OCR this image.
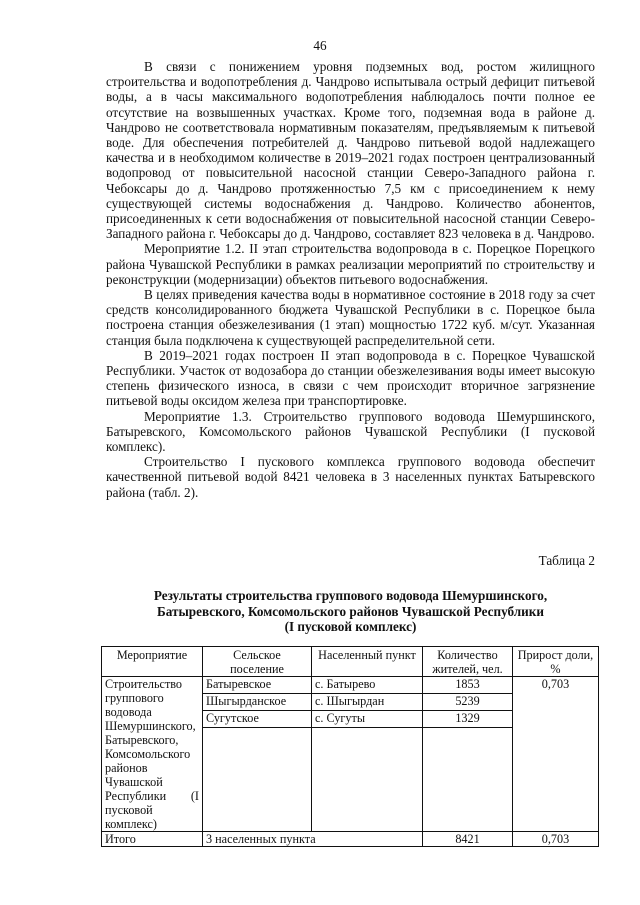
46

В связи с понижением уровня подземных вод, ростом жилищного строительства и водопотребления д. Чандрово испытывала острый дефицит питьевой воды, а в часы максимального водопотребления наблюдалось почти полное ее отсутствие на возвышенных участках. Кроме того, подземная вода в районе д. Чандрово не соответствовала нормативным показателям, предъявляемым к питьевой воде. Для обеспечения потребителей д. Чандрово питьевой водой надлежащего качества и в необходимом количестве в 2019–2021 годах построен централизованный водопровод от повысительной насосной станции Северо-Западного района г. Чебоксары до д. Чандрово протяженностью 7,5 км с присоединением к нему существующей системы водоснабжения д. Чандрово. Количество абонентов, присоединенных к сети водоснабжения от повысительной насосной станции Северо-Западного района г. Чебоксары до д. Чандрово, составляет 823 человека в д. Чандрово.

Мероприятие 1.2. II этап строительства водопровода в с. Порецкое Порецкого района Чувашской Республики в рамках реализации мероприятий по строительству и реконструкции (модернизации) объектов питьевого водоснабжения.

В целях приведения качества воды в нормативное состояние в 2018 году за счет средств консолидированного бюджета Чувашской Республики в с. Порецкое была построена станция обезжелезивания (1 этап) мощностью 1722 куб. м/сут. Указанная станция была подключена к существующей распределительной сети.

В 2019–2021 годах построен II этап водопровода в с. Порецкое Чувашской Республики. Участок от водозабора до станции обезжелезивания воды имеет высокую степень физического износа, в связи с чем происходит вторичное загрязнение питьевой воды оксидом железа при транспортировке.

Мероприятие 1.3. Строительство группового водовода Шемуршинского, Батыревского, Комсомольского районов Чувашской Республики (I пусковой комплекс).

Строительство I пускового комплекса группового водовода обеспечит качественной питьевой водой 8421 человека в 3 населенных пунктах Батыревского района (табл. 2).

Таблица 2
Результаты строительства группового водовода Шемуршинского,
Батыревского, Комсомольского районов Чувашской Республики
(I пусковой комплекс)
Мероприятие	Сельское поселение	Населенный пункт	Количество жителей, чел.	Прирост доли, %
Строительство группового водовода Шемуршинского, Батыревского, Комсомольского районов Чувашской Республики (I пусковой комплекс)	Батыревское	с. Батырево	1853	0,703
	Шыгырданское	с. Шыгырдан	5239	
	Сугутское	с. Сугуты	1329	

Итого	3 населенных пункта		8421	0,703
